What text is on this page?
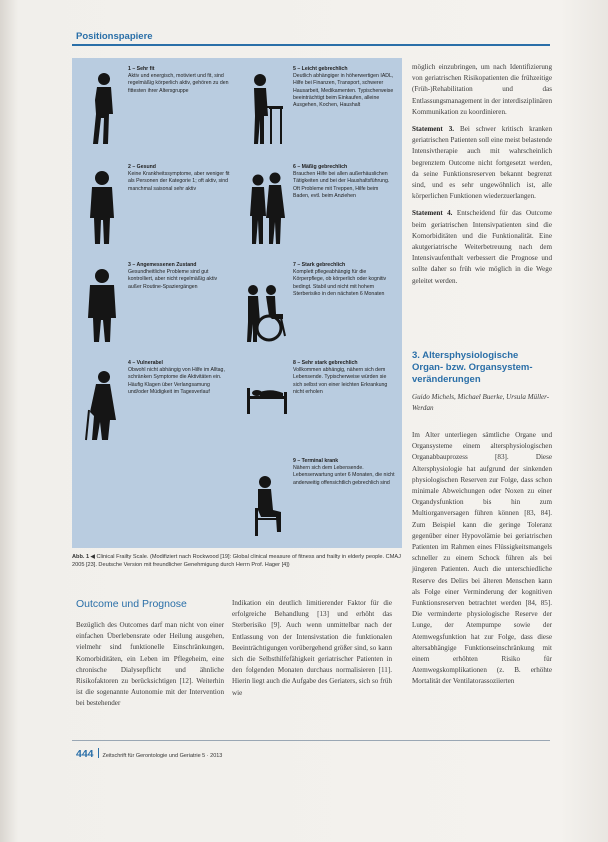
Positionspapiere
1 – Sehr fit
Aktiv und energisch, motiviert und fit, sind regelmäßig körperlich aktiv, gehören zu den fittesten ihrer Altersgruppe
5 – Leicht gebrechlich
Deutlich abhängiger in höherwertigen IADL, Hilfe bei Finanzen, Transport, schwerer Hausarbeit, Medikamenten. Typischerweise beeinträchtigt beim Einkaufen, alleine Ausgehen, Kochen, Haushalt
2 – Gesund
Keine Krankheitssymptome, aber weniger fit als Personen der Kategorie 1; oft aktiv, sind manchmal saisonal sehr aktiv
6 – Mäßig gebrechlich
Brauchen Hilfe bei allen außerhäuslichen Tätigkeiten und bei der Haushaltsführung. Oft Probleme mit Treppen, Hilfe beim Baden, evtl. beim Anziehen
3 – Angemessenen Zustand
Gesundheitliche Probleme sind gut kontrolliert, aber nicht regelmäßig aktiv außer Routine-Spaziergängen
7 – Stark gebrechlich
Komplett pflegeabhängig für die Körperpflege, ob körperlich oder kognitiv bedingt. Stabil und nicht mit hohem Sterberisiko in den nächsten 6 Monaten
4 – Vulnerabel
Obwohl nicht abhängig von Hilfe im Alltag, schränken Symptome die Aktivitäten ein. Häufig Klagen über Verlangsamung und/oder Müdigkeit im Tagesverlauf
8 – Sehr stark gebrechlich
Vollkommen abhängig, nähern sich dem Lebensende. Typischerweise würden sie sich selbst von einer leichten Erkrankung nicht erholen
9 – Terminal krank
Nähern sich dem Lebensende. Lebenserwartung unter 6 Monaten, die nicht anderweitig offensichtlich gebrechlich sind
Abb. 1 ◀ Clinical Frailty Scale. (Modifiziert nach Rockwood [19]: Global clinical measure of fitness and frailty in elderly people. CMAJ 2005 [23]. Deutsche Version mit freundlicher Genehmigung durch Herrn Prof. Hager [4])
Outcome und Prognose

Bezüglich des Outcomes darf man nicht von einer einfachen Überlebensrate oder Heilung ausgehen, vielmehr sind funktionelle Einschränkungen, Komorbiditäten, ein Leben im Pflegeheim, eine chronische Dialysepflicht und ähnliche Risikofaktoren zu berücksichtigen [12]. Weiterhin ist die sogenannte Autonomie mit der Intervention bei bestehender

Indikation ein deutlich limitierender Faktor für die erfolgreiche Behandlung [13] und erhöht das Sterberisiko [9]. Auch wenn unmittelbar nach der Entlassung von der Intensivstation die funktionalen Beeinträchtigungen vorübergehend größer sind, so kann sich die Selbsthilfefähigkeit geriatrischer Patienten in den folgenden Monaten durchaus normalisieren [11]. Hierin liegt auch die Aufgabe des Geriaters, sich so früh wie

möglich einzubringen, um nach Identifizierung von geriatrischen Risikopatienten die frühzeitige (Früh-)Rehabilitation und das Entlassungsmanagement in der interdisziplinären Kommunikation zu koordinieren.

Statement 3. Bei schwer kritisch kranken geriatrischen Patienten soll eine meist belastende Intensivtherapie auch mit wahrscheinlich begrenztem Outcome nicht fortgesetzt werden, da seine Funktionsreserven bekannt begrenzt sind, und es sehr ungewöhnlich ist, alle körperlichen Funktionen wiederzuerlangen.

Statement 4. Entscheidend für das Outcome beim geriatrischen Intensivpatienten sind die Komorbiditäten und die Funktionalität. Eine akutgeriatrische Weiterbetreuung nach dem Intensivaufenthalt verbessert die Prognose und sollte daher so früh wie möglich in die Wege geleitet werden.

3. Altersphysiologische Organ- bzw. Organsystem-veränderungen
Guido Michels, Michael Buerke, Ursula Müller-Werdan

Im Alter unterliegen sämtliche Organe und Organsysteme einem altersphysiologischen Organabbauprozess [83]. Diese Altersphysiologie hat aufgrund der sinkenden physiologischen Reserven zur Folge, dass schon minimale Abweichungen oder Noxen zu einer Organdysfunktion bis hin zum Multiorganversagen führen können [83, 84]. Zum Beispiel kann die geringe Toleranz gegenüber einer Hypovolämie bei geriatrischen Patienten im Rahmen eines Flüssigkeitsmangels schneller zu einem Schock führen als bei jüngeren Patienten. Auch die unterschiedliche Reserve des Delirs bei älteren Menschen kann als Folge einer Verminderung der kognitiven Funktionsreserven betrachtet werden [84, 85]. Die verminderte physiologische Reserve der Lunge, der Atempumpe sowie der Atemwegsfunktion hat zur Folge, dass diese altersabhängige Funktionseinschränkung mit einem erhöhten Risiko für Atemwegskomplikationen (z. B. erhöhte Mortalität der Ventilatorassoziierten

444 Zeitschrift für Gerontologie und Geriatrie 5 · 2013
